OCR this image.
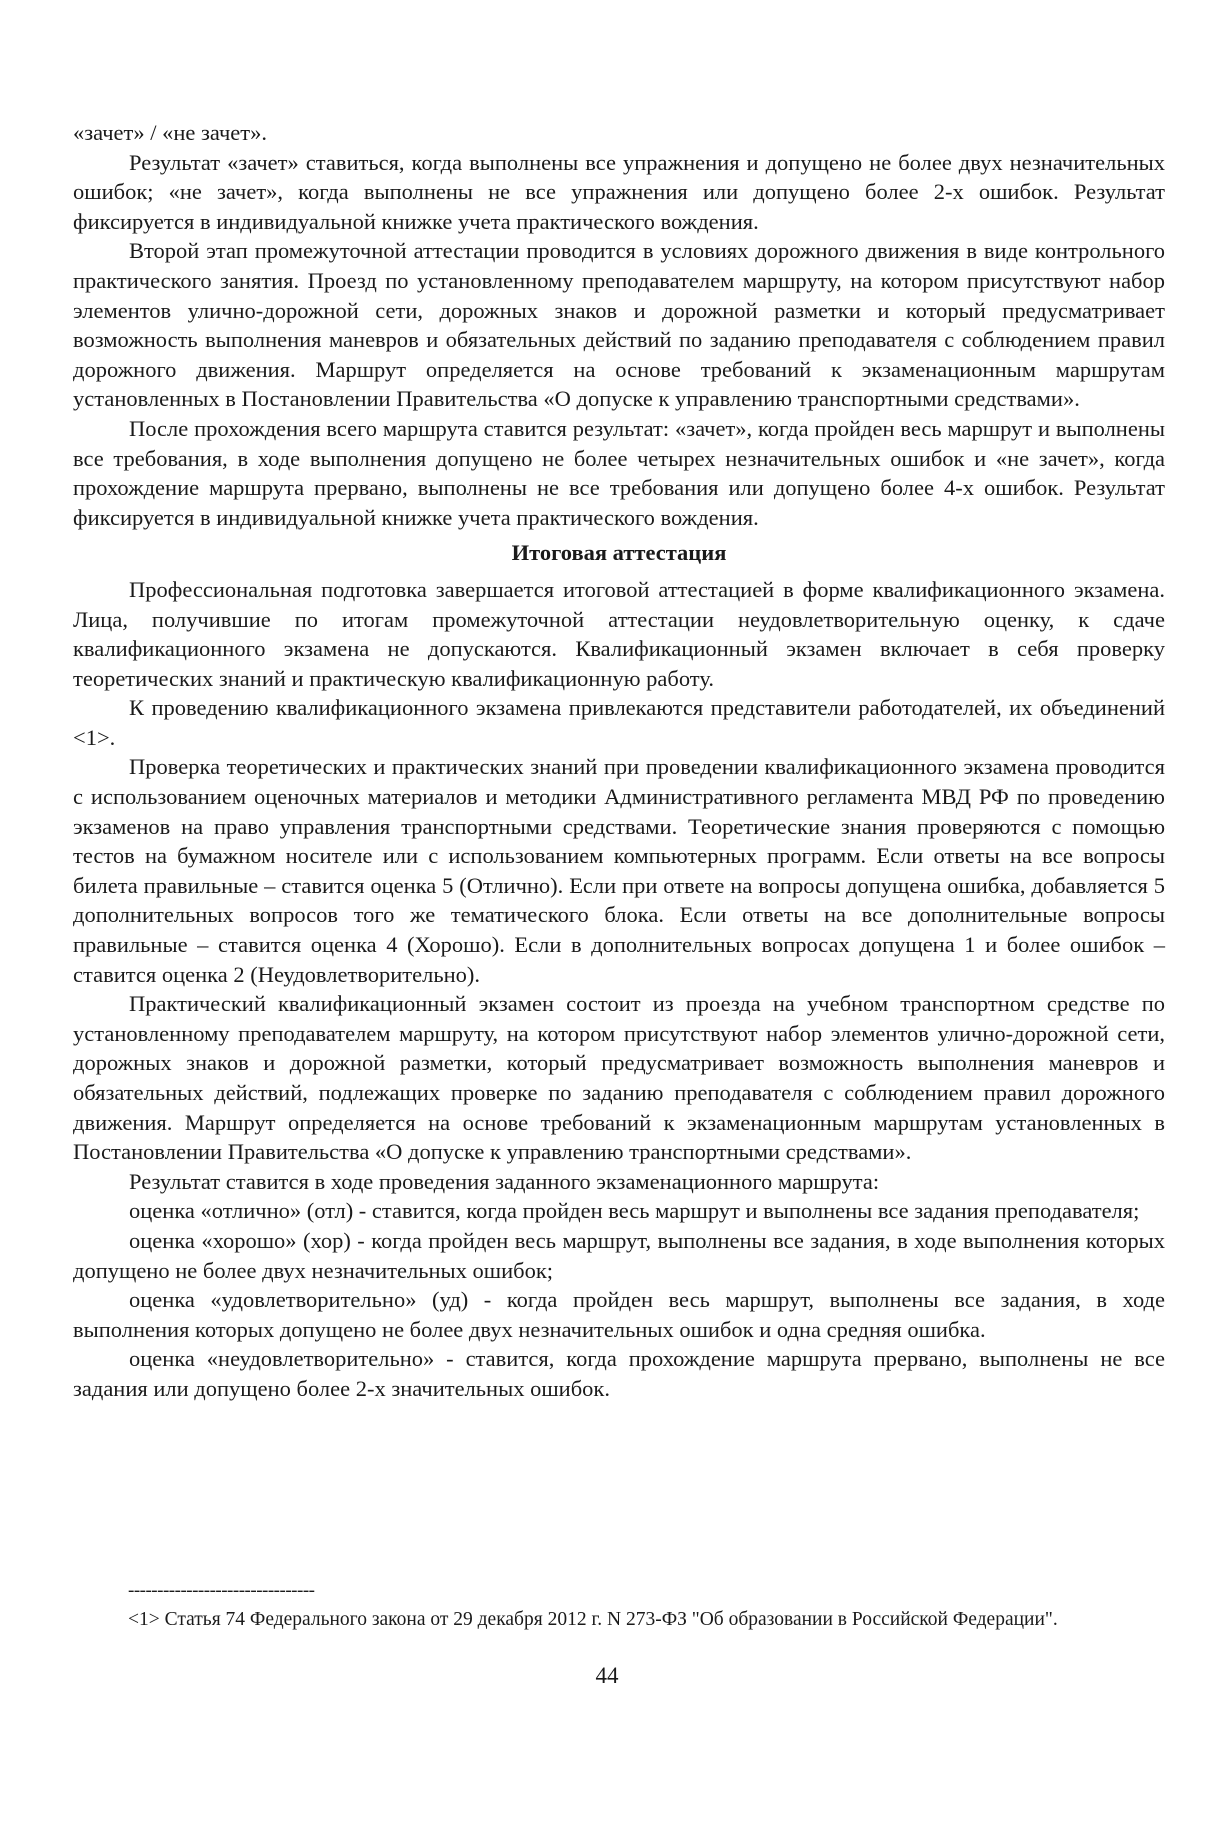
«зачет» / «не зачет».

Результат «зачет» ставиться, когда выполнены все упражнения и допущено не более двух незначительных ошибок; «не зачет», когда выполнены не все упражнения или допущено более 2-х ошибок. Результат фиксируется в индивидуальной книжке учета практического вождения.

Второй этап промежуточной аттестации проводится в условиях дорожного движения в виде контрольного практического занятия. Проезд по установленному преподавателем маршруту, на котором присутствуют набор элементов улично-дорожной сети, дорожных знаков и дорожной разметки и который предусматривает возможность выполнения маневров и обязательных действий по заданию преподавателя с соблюдением правил дорожного движения. Маршрут определяется на основе требований к экзаменационным маршрутам установленных в Постановлении Правительства «О допуске к управлению транспортными средствами».

После прохождения всего маршрута ставится результат: «зачет», когда пройден весь маршрут и выполнены все требования, в ходе выполнения допущено не более четырех незначительных ошибок и «не зачет», когда прохождение маршрута прервано, выполнены не все требования или допущено более 4-х ошибок. Результат фиксируется в индивидуальной книжке учета практического вождения.

Итоговая аттестация

Профессиональная подготовка завершается итоговой аттестацией в форме квалификационного экзамена. Лица, получившие по итогам промежуточной аттестации неудовлетворительную оценку, к сдаче квалификационного экзамена не допускаются. Квалификационный экзамен включает в себя проверку теоретических знаний и практическую квалификационную работу.

К проведению квалификационного экзамена привлекаются представители работодателей, их объединений <1>.

Проверка теоретических и практических знаний при проведении квалификационного экзамена проводится с использованием оценочных материалов и методики Административного регламента МВД РФ по проведению экзаменов на право управления транспортными средствами. Теоретические знания проверяются с помощью тестов на бумажном носителе или с использованием компьютерных программ. Если ответы на все вопросы билета правильные – ставится оценка 5 (Отлично). Если при ответе на вопросы допущена ошибка, добавляется 5 дополнительных вопросов того же тематического блока. Если ответы на все дополнительные вопросы правильные – ставится оценка 4 (Хорошо). Если в дополнительных вопросах допущена 1 и более ошибок – ставится оценка 2 (Неудовлетворительно).

Практический квалификационный экзамен состоит из проезда на учебном транспортном средстве по установленному преподавателем маршруту, на котором присутствуют набор элементов улично-дорожной сети, дорожных знаков и дорожной разметки, который предусматривает возможность выполнения маневров и обязательных действий, подлежащих проверке по заданию преподавателя с соблюдением правил дорожного движения. Маршрут определяется на основе требований к экзаменационным маршрутам установленных в Постановлении Правительства «О допуске к управлению транспортными средствами».

Результат ставится в ходе проведения заданного экзаменационного маршрута:

оценка «отлично» (отл) - ставится, когда пройден весь маршрут и выполнены все задания преподавателя;

оценка «хорошо» (хор) - когда пройден весь маршрут, выполнены все задания, в ходе выполнения которых допущено не более двух незначительных ошибок;

оценка «удовлетворительно» (уд) - когда пройден весь маршрут, выполнены все задания, в ходе выполнения которых допущено не более двух незначительных ошибок и одна средняя ошибка.

оценка «неудовлетворительно» - ставится, когда прохождение маршрута прервано, выполнены не все задания или допущено более 2-х значительных ошибок.

--------------------------------
<1> Статья 74 Федерального закона от 29 декабря 2012 г. N 273-ФЗ "Об образовании в Российской Федерации".
44
